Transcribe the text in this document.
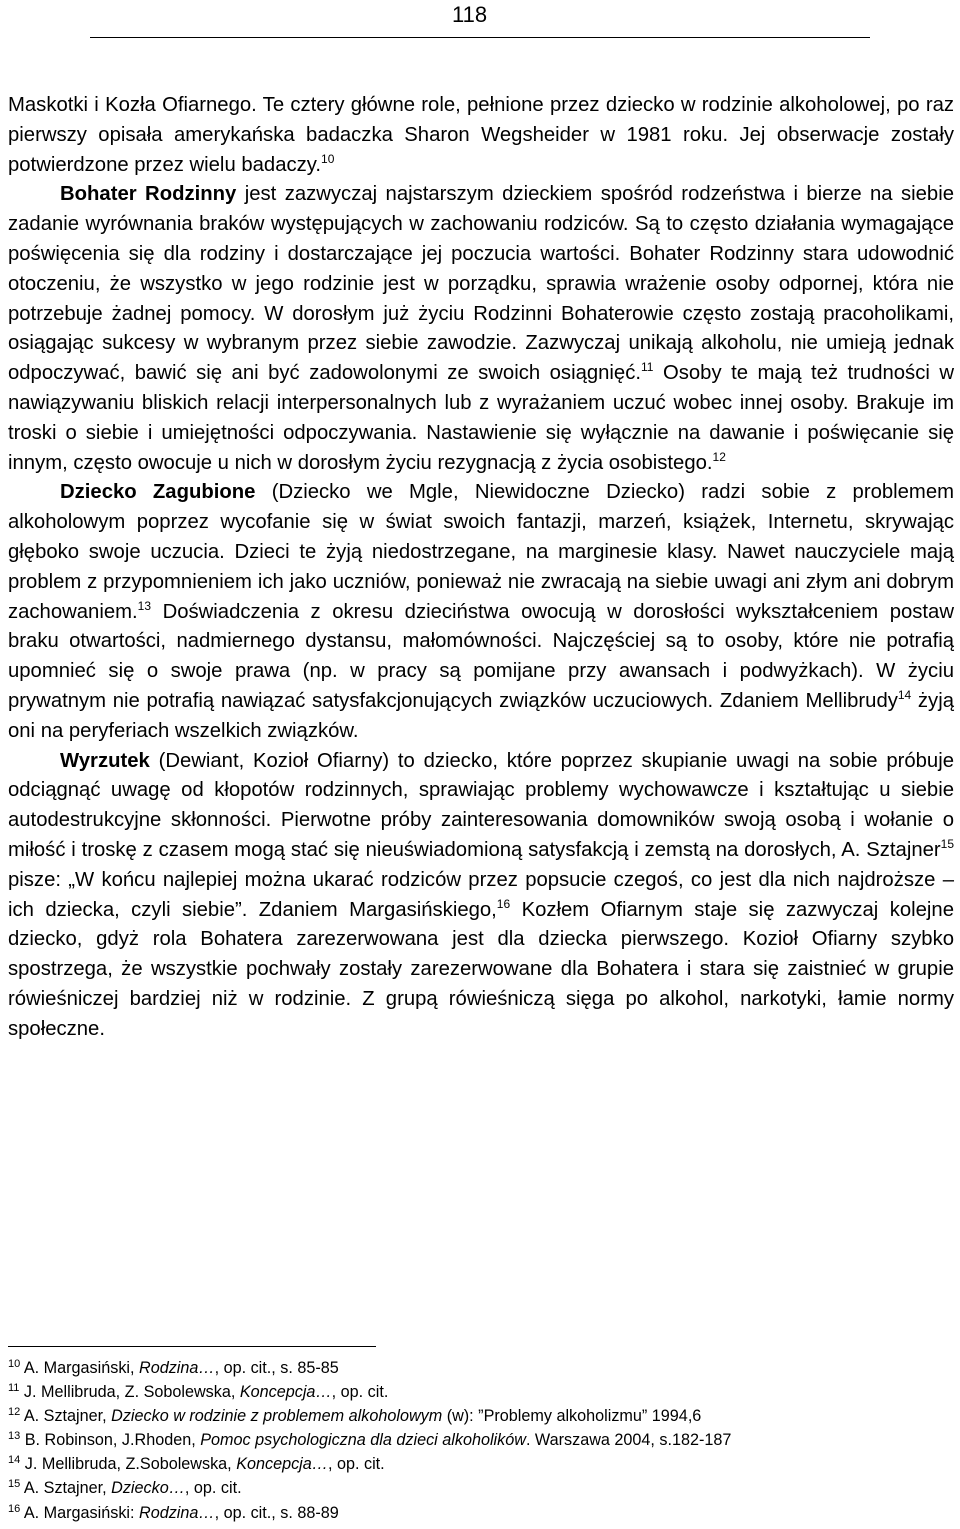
118

Maskotki i Kozła Ofiarnego. Te cztery główne role, pełnione przez dziecko w rodzinie alkoholowej, po raz pierwszy opisała amerykańska badaczka Sharon Wegsheider w 1981 roku. Jej obserwacje zostały potwierdzone przez wielu badaczy.$^{10}$

Bohater Rodzinny jest zazwyczaj najstarszym dzieckiem spośród rodzeństwa i bierze na siebie zadanie wyrównania braków występujących w zachowaniu rodziców. Są to często działania wymagające poświęcenia się dla rodziny i dostarczające jej poczucia wartości. Bohater Rodzinny stara udowodnić otoczeniu, że wszystko w jego rodzinie jest w porządku, sprawia wrażenie osoby odpornej, która nie potrzebuje żadnej pomocy. W dorosłym już życiu Rodzinni Bohaterowie często zostają pracoholikami, osiągając sukcesy w wybranym przez siebie zawodzie. Zazwyczaj unikają alkoholu, nie umieją jednak odpoczywać, bawić się ani być zadowolonymi ze swoich osiągnięć.$^{11}$ Osoby te mają też trudności w nawiązywaniu bliskich relacji interpersonalnych lub z wyrażaniem uczuć wobec innej osoby. Brakuje im troski o siebie i umiejętności odpoczywania. Nastawienie się wyłącznie na dawanie i poświęcanie się innym, często owocuje u nich w dorosłym życiu rezygnacją z życia osobistego.$^{12}$

Dziecko Zagubione (Dziecko we Mgle, Niewidoczne Dziecko) radzi sobie z problemem alkoholowym poprzez wycofanie się w świat swoich fantazji, marzeń, książek, Internetu, skrywając głęboko swoje uczucia. Dzieci te żyją niedostrzegane, na marginesie klasy. Nawet nauczyciele mają problem z przypomnieniem ich jako uczniów, ponieważ nie zwracają na siebie uwagi ani złym ani dobrym zachowaniem.$^{13}$ Doświadczenia z okresu dzieciństwa owocują w dorosłości wykształceniem postaw braku otwartości, nadmiernego dystansu, małomówności. Najczęściej są to osoby, które nie potrafią upomnieć się o swoje prawa (np. w pracy są pomijane przy awansach i podwyżkach). W życiu prywatnym nie potrafią nawiązać satysfakcjonujących związków uczuciowych. Zdaniem Mellibrudy$^{14}$ żyją oni na peryferiach wszelkich związków.

Wyrzutek (Dewiant, Kozioł Ofiarny) to dziecko, które poprzez skupianie uwagi na sobie próbuje odciągnąć uwagę od kłopotów rodzinnych, sprawiając problemy wychowawcze i kształtując u siebie autodestrukcyjne skłonności. Pierwotne próby zainteresowania domowników swoją osobą i wołanie o miłość i troskę z czasem mogą stać się nieuświadomioną satysfakcją i zemstą na dorosłych, A. Sztajner$^{15}$ pisze: „W końcu najlepiej można ukarać rodziców przez popsucie czegoś, co jest dla nich najdroższe – ich dziecka, czyli siebie”. Zdaniem Margasińskiego,$^{16}$ Kozłem Ofiarnym staje się zazwyczaj kolejne dziecko, gdyż rola Bohatera zarezerwowana jest dla dziecka pierwszego. Kozioł Ofiarny szybko spostrzega, że wszystkie pochwały zostały zarezerwowane dla Bohatera i stara się zaistnieć w grupie rówieśniczej bardziej niż w rodzinie. Z grupą rówieśniczą sięga po alkohol, narkotyki, łamie normy społeczne.

$^{10}$ A. Margasiński, Rodzina…, op. cit., s. 85-85
$^{11}$ J. Mellibruda, Z. Sobolewska, Koncepcja…, op. cit.
$^{12}$ A. Sztajner, Dziecko w rodzinie z problemem alkoholowym (w): ”Problemy alkoholizmu” 1994,6
$^{13}$ B. Robinson, J.Rhoden, Pomoc psychologiczna dla dzieci alkoholików. Warszawa 2004, s.182-187
$^{14}$ J. Mellibruda, Z.Sobolewska, Koncepcja…, op. cit.
$^{15}$ A. Sztajner, Dziecko…, op. cit.
$^{16}$ A. Margasiński: Rodzina…, op. cit., s. 88-89
